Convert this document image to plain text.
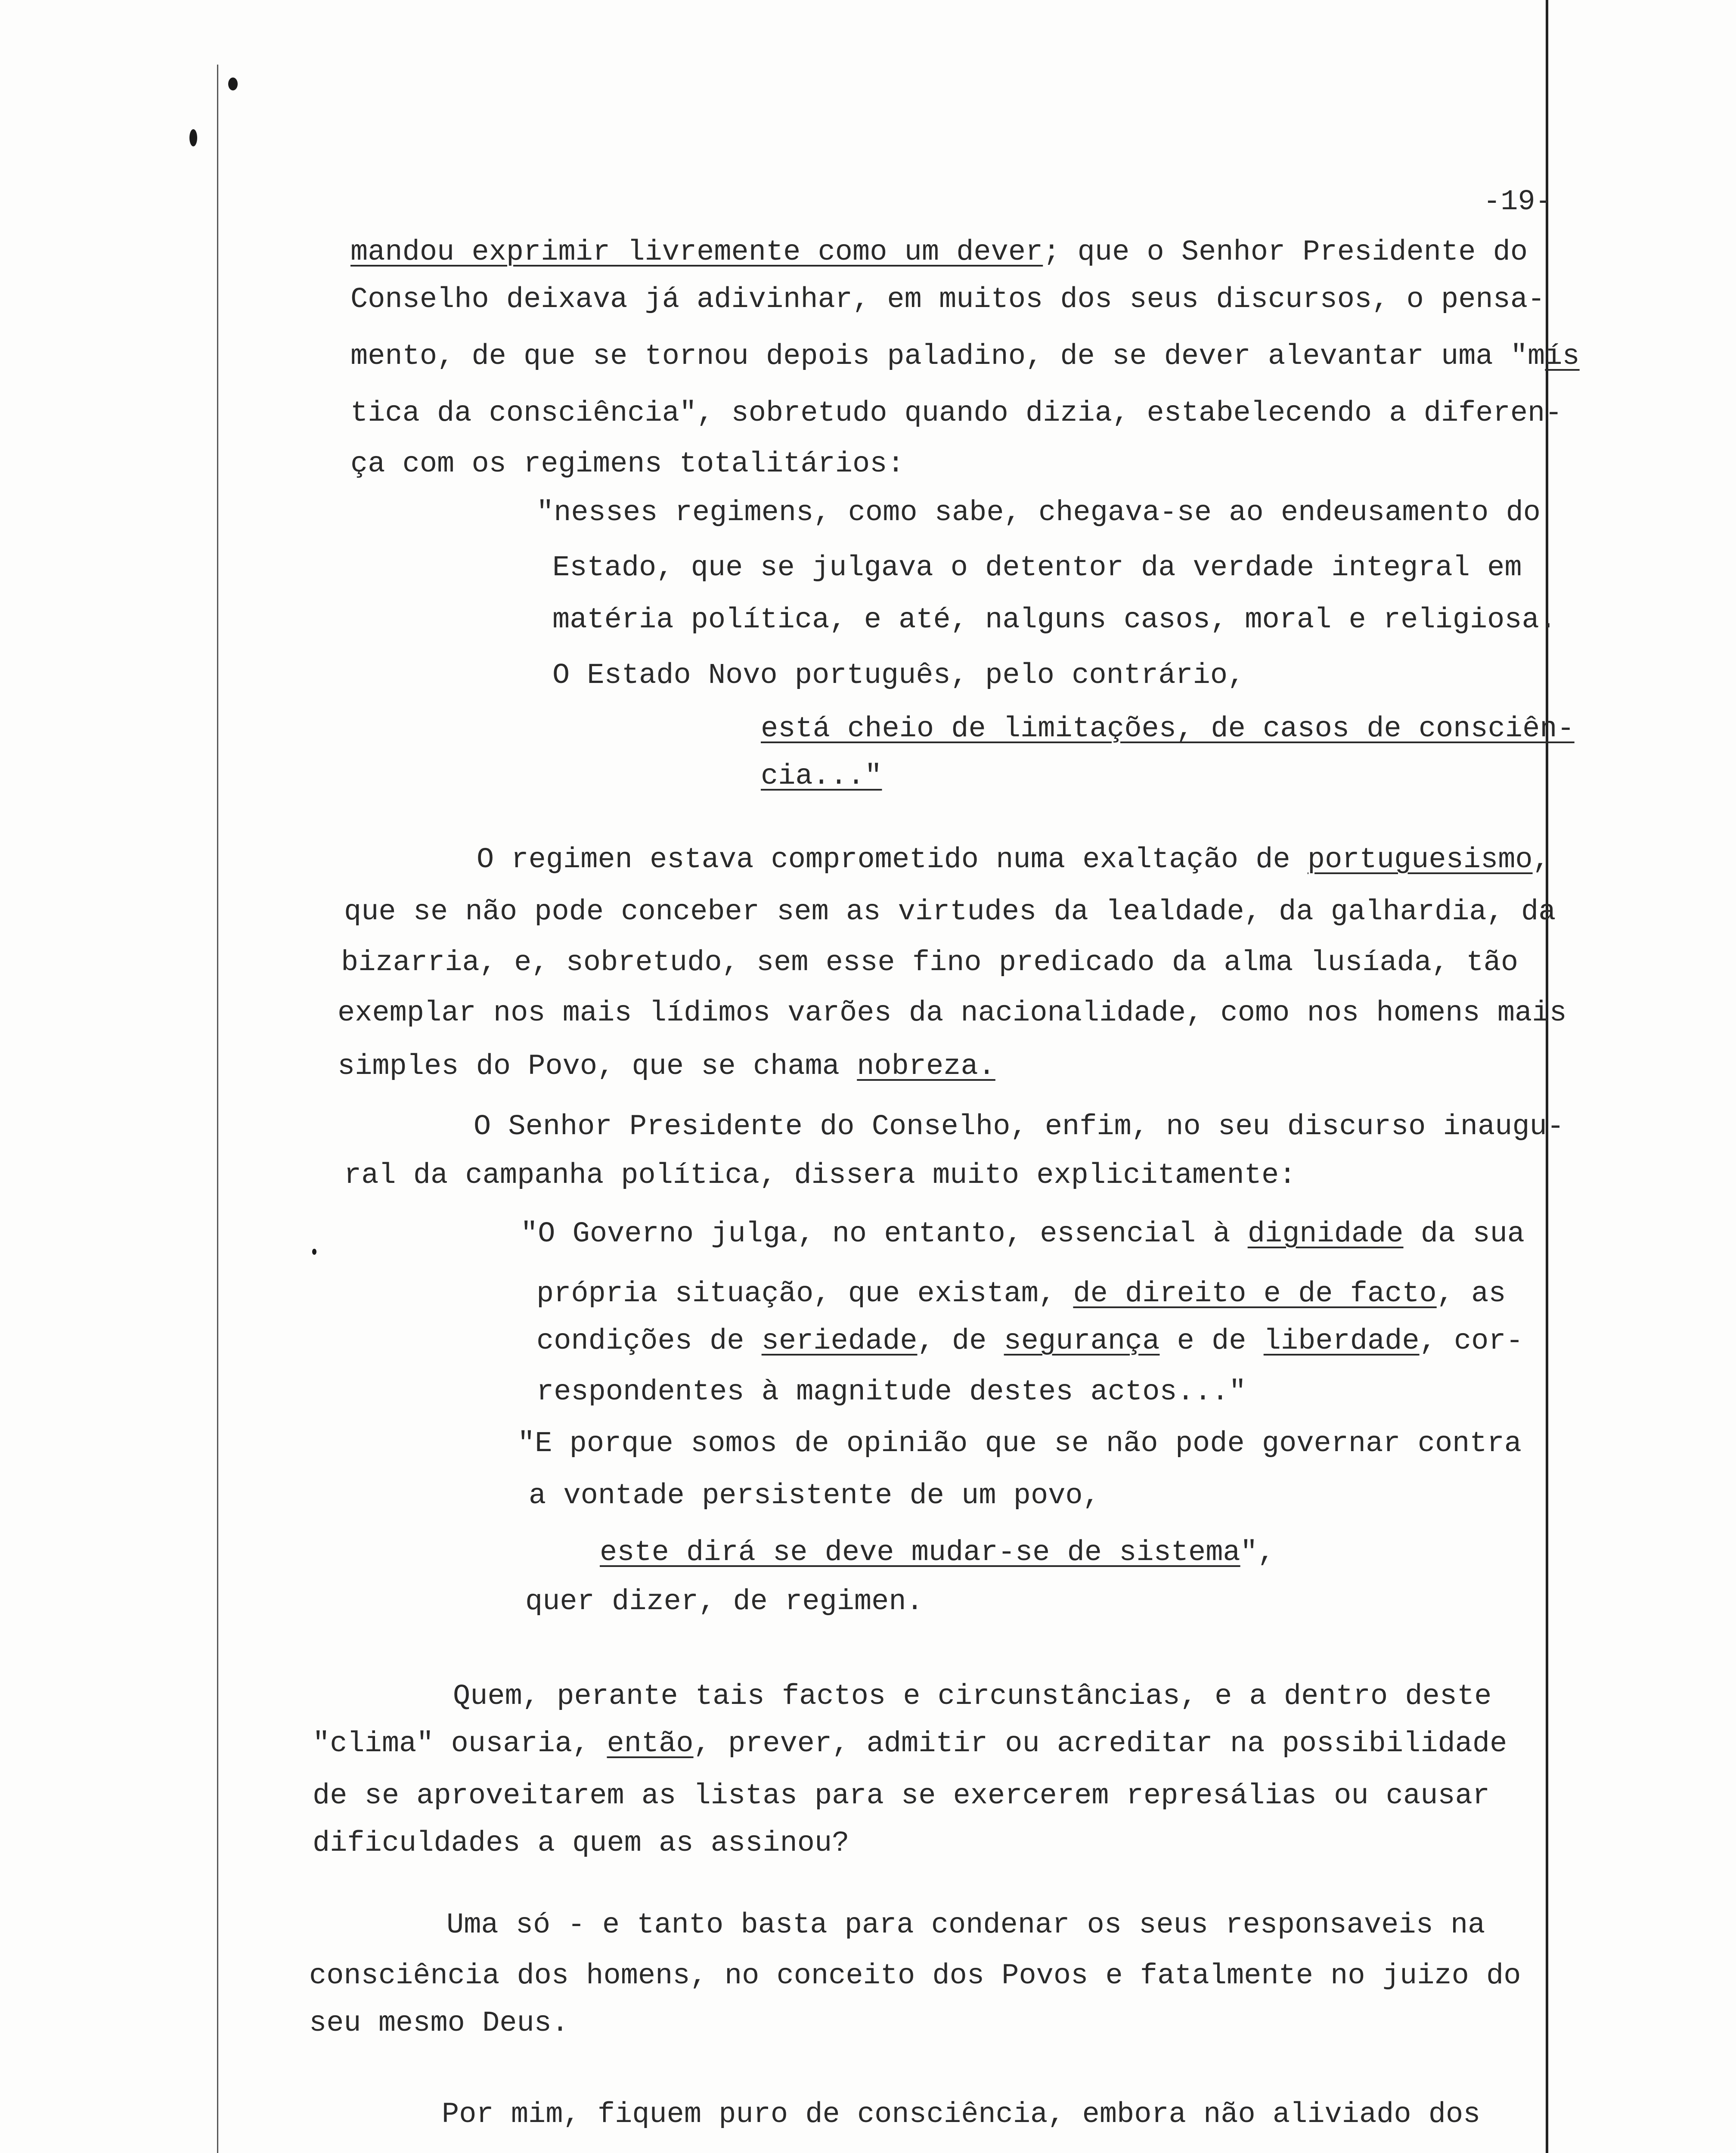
-19-
mandou exprimir livremente como um dever; que o Senhor Presidente do
Conselho deixava já adivinhar, em muitos dos seus discursos, o pensa-
mento, de que se tornou depois paladino, de se dever alevantar uma "mís
tica da consciência", sobretudo quando dizia, estabelecendo a diferen-
ça com os regimens totalitários:
"nesses regimens, como sabe, chegava-se ao endeusamento do
Estado, que se julgava o detentor da verdade integral em
matéria política, e até, nalguns casos, moral e religiosa.
O Estado Novo português, pelo contrário,
está cheio de limitações, de casos de consciên-
cia..."
O regimen estava comprometido numa exaltação de portuguesismo,
que se não pode conceber sem as virtudes da lealdade, da galhardia, da
bizarria, e, sobretudo, sem esse fino predicado da alma lusíada, tão
exemplar nos mais lídimos varões da nacionalidade, como nos homens mais
simples do Povo, que se chama nobreza.
O Senhor Presidente do Conselho, enfim, no seu discurso inaugu-
ral da campanha política, dissera muito explicitamente:
"O Governo julga, no entanto, essencial à dignidade da sua
própria situação, que existam, de direito e de facto, as
condições de seriedade, de segurança e de liberdade, cor-
respondentes à magnitude destes actos..."
"E porque somos de opinião que se não pode governar contra
a vontade persistente de um povo,
este dirá se deve mudar-se de sistema",
quer dizer, de regimen.
Quem, perante tais factos e circunstâncias, e a dentro deste
"clima" ousaria, então, prever, admitir ou acreditar na possibilidade
de se aproveitarem as listas para se exercerem represálias ou causar
dificuldades a quem as assinou?
Uma só - e tanto basta para condenar os seus responsaveis na
consciência dos homens, no conceito dos Povos e fatalmente no juizo do
seu mesmo Deus.
Por mim, fiquem puro de consciência, embora não aliviado dos
